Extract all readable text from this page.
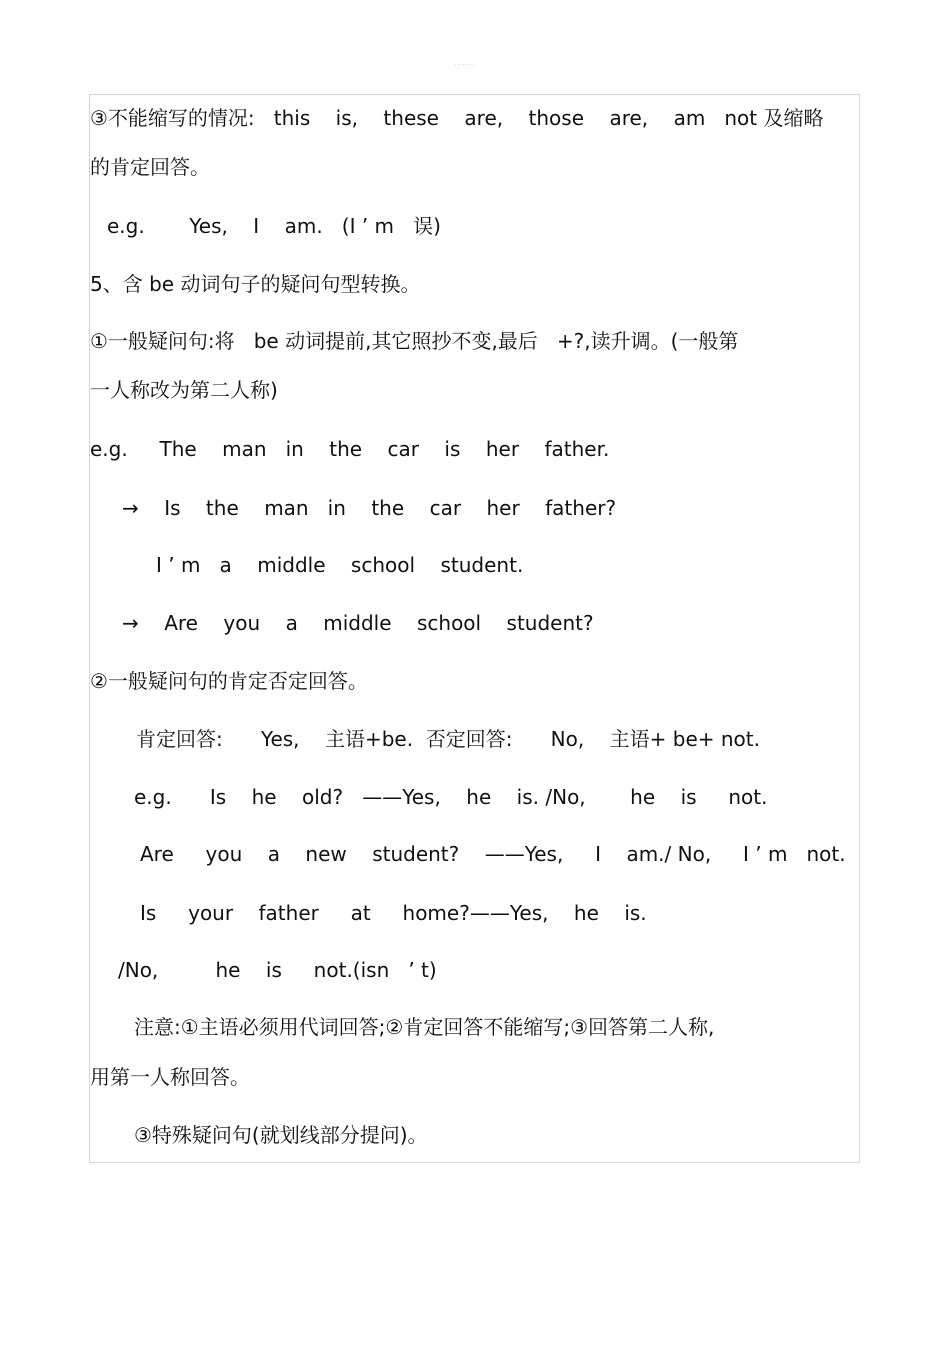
········
③不能缩写的情况:   this    is,    these    are,    those    are,    am   not 及缩略
的肯定回答。
e.g.       Yes,    I    am.   (I ’ m   误)
5、含 be 动词句子的疑问句型转换。
①一般疑问句:将   be 动词提前,其它照抄不变,最后   +?,读升调。(一般第
一人称改为第二人称)
e.g.     The    man   in    the    car    is    her    father.
→    Is    the    man   in    the    car    her    father?
I ’ m   a    middle    school    student.
→    Are    you    a    middle    school    student?
②一般疑问句的肯定否定回答。
肯定回答:      Yes,    主语+be.  否定回答:      No,    主语+ be+ not.
e.g.      Is    he    old?   ——Yes,    he    is. /No,       he    is     not.
Are     you    a    new    student?    ——Yes,     I    am./ No,     I ’ m   not.
Is     your    father     at     home?——Yes,    he    is.
/No,         he    is     not.(isn   ’ t)
注意:①主语必须用代词回答;②肯定回答不能缩写;③回答第二人称,
用第一人称回答。
③特殊疑问句(就划线部分提问)。
